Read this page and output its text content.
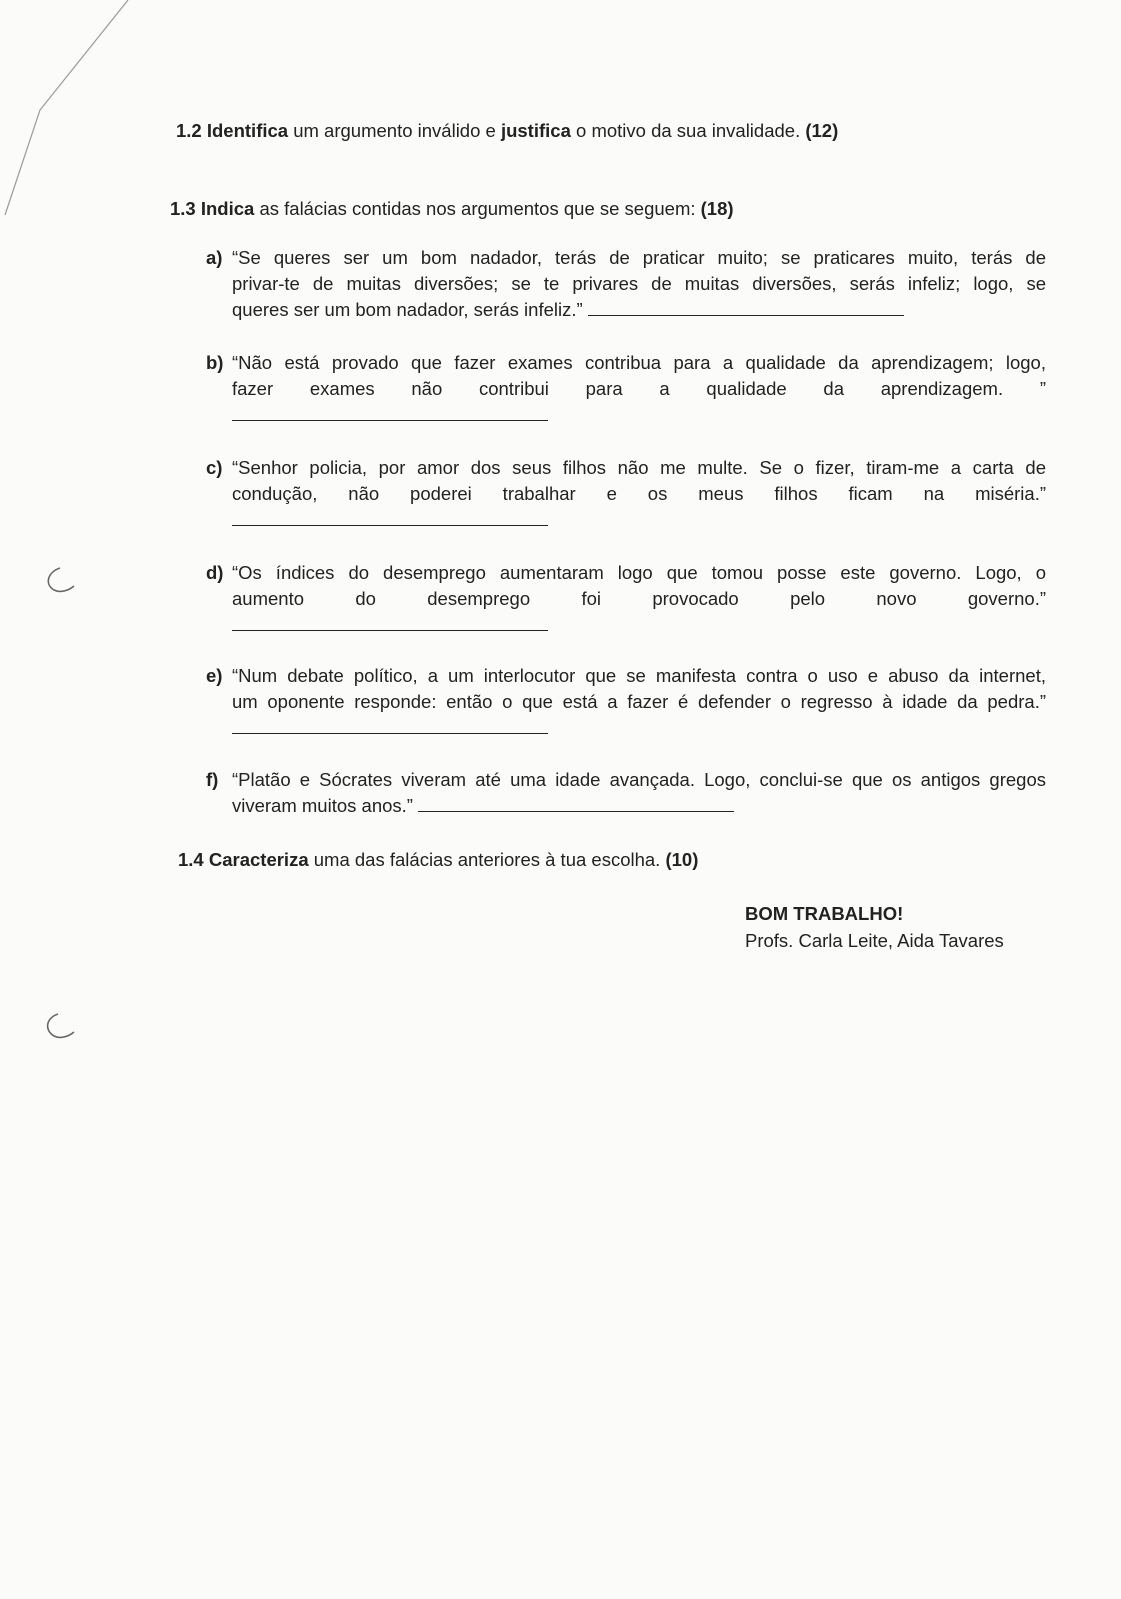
1.2 Identifica um argumento inválido e justifica o motivo da sua invalidade. (12)
1.3 Indica as falácias contidas nos argumentos que se seguem: (18)
a) “Se queres ser um bom nadador, terás de praticar muito; se praticares muito, terás de
privar-te de muitas diversões; se te privares de muitas diversões, serás infeliz; logo, se
queres ser um bom nadador, serás infeliz.”
b) “Não está provado que fazer exames contribua para a qualidade da aprendizagem; logo,
fazer exames não contribui para a qualidade da aprendizagem. ”
c) “Senhor policia, por amor dos seus filhos não me multe. Se o fizer, tiram-me a carta de
condução, não poderei trabalhar e os meus filhos ficam na miséria.”
d) “Os índices do desemprego aumentaram logo que tomou posse este governo. Logo, o
aumento do desemprego foi provocado pelo novo governo.”
e) “Num debate político, a um interlocutor que se manifesta contra o uso e abuso da internet,
um oponente responde: então o que está a fazer é defender o regresso à idade da pedra.”
f) “Platão e Sócrates viveram até uma idade avançada. Logo, conclui-se que os antigos gregos
viveram muitos anos.”
1.4 Caracteriza uma das falácias anteriores à tua escolha. (10)
BOM TRABALHO!
Profs. Carla Leite, Aida Tavares
